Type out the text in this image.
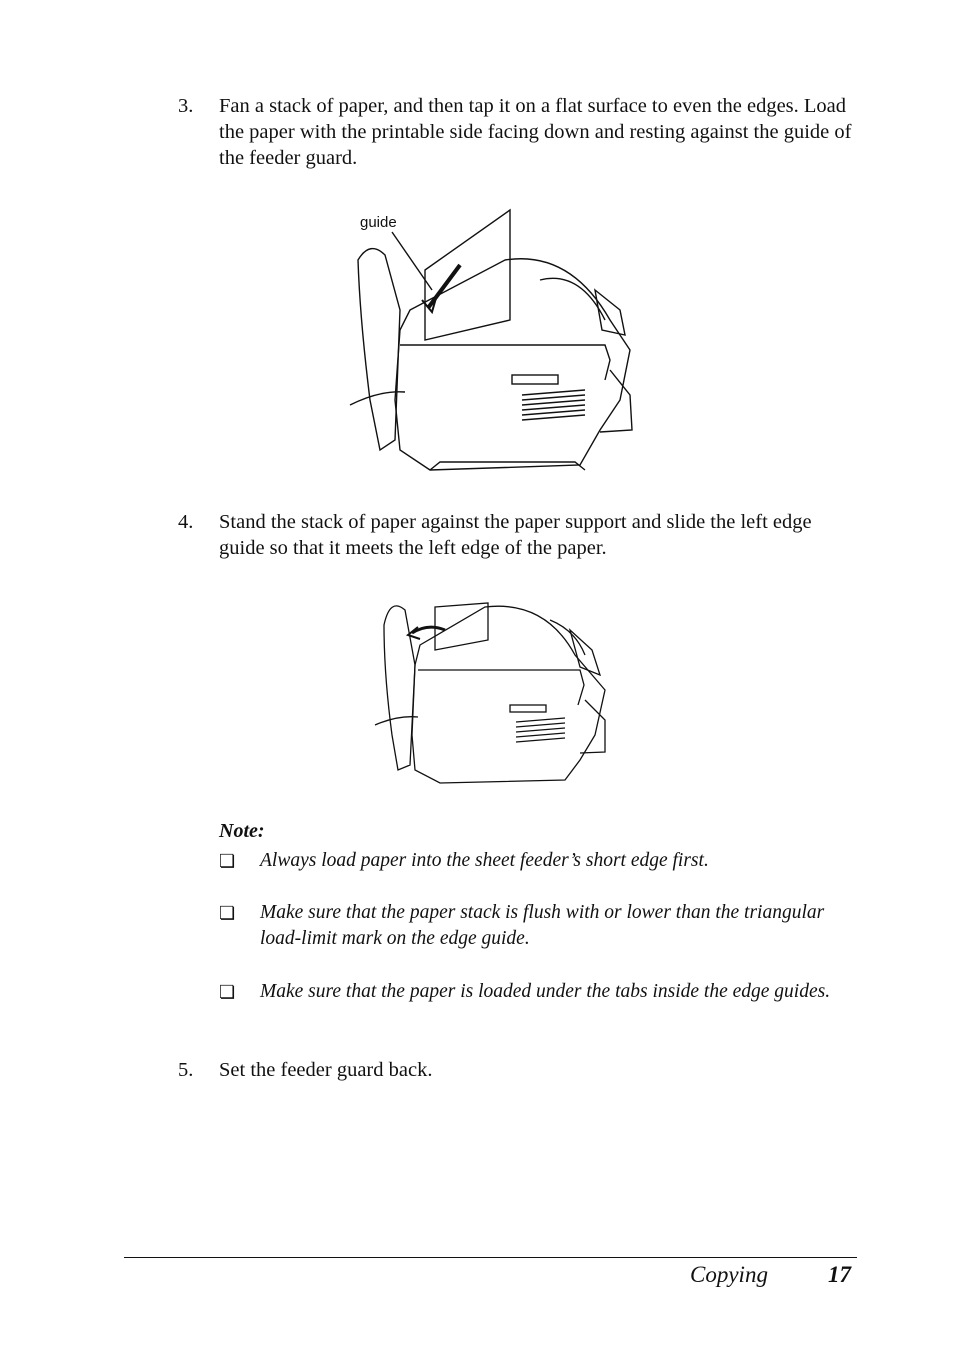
3. Fan a stack of paper, and then tap it on a flat surface to even the edges. Load the paper with the printable side facing down and resting against the guide of the feeder guard.
guide
4. Stand the stack of paper against the paper support and slide the left edge guide so that it meets the left edge of the paper.
Note:
❏ Always load paper into the sheet feeder’s short edge first.
❏ Make sure that the paper stack is flush with or lower than the triangular load-limit mark on the edge guide.
❏ Make sure that the paper is loaded under the tabs inside the edge guides.
5. Set the feeder guard back.
Copying	17
